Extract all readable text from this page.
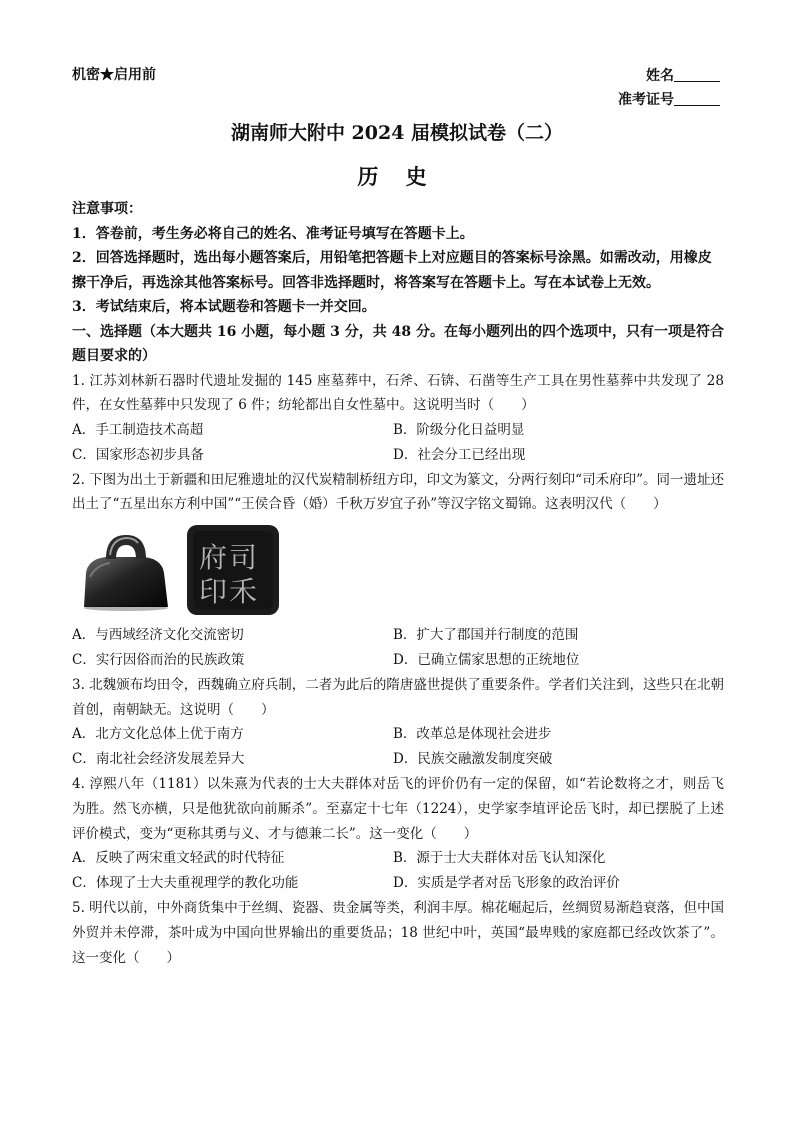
机密★启用前	姓名
准考证号
湖南师大附中 2024 届模拟试卷（二）
历 史
注意事项：
1．答卷前，考生务必将自己的姓名、准考证号填写在答题卡上。
2．回答选择题时，选出每小题答案后，用铅笔把答题卡上对应题目的答案标号涂黑。如需改动，用橡皮擦干净后，再选涂其他答案标号。回答非选择题时，将答案写在答题卡上。写在本试卷上无效。
3．考试结束后，将本试题卷和答题卡一并交回。
一、选择题（本大题共 16 小题，每小题 3 分，共 48 分。在每小题列出的四个选项中，只有一项是符合题目要求的）
1. 江苏刘林新石器时代遗址发掘的 145 座墓葬中，石斧、石锛、石凿等生产工具在男性墓葬中共发现了 28 件，在女性墓葬中只发现了 6 件；纺轮都出自女性墓中。这说明当时（　　）
A．手工制造技术高超	B．阶级分化日益明显
C．国家形态初步具备	D．社会分工已经出现
2. 下图为出土于新疆和田尼雅遗址的汉代炭精制桥纽方印，印文为篆文，分两行刻印“司禾府印”。同一遗址还出土了“五星出东方利中国”“王侯合昏（婚）千秋万岁宜子孙”等汉字铭文蜀锦。这表明汉代（　　）
司
禾
府
印
A．与西域经济文化交流密切	B．扩大了郡国并行制度的范围
C．实行因俗而治的民族政策	D．已确立儒家思想的正统地位
3. 北魏颁布均田令，西魏确立府兵制，二者为此后的隋唐盛世提供了重要条件。学者们关注到，这些只在北朝首创，南朝缺无。这说明（　　）
A．北方文化总体上优于南方	B．改革总是体现社会进步
C．南北社会经济发展差异大	D．民族交融激发制度突破
4. 淳熙八年（1181）以朱熹为代表的士大夫群体对岳飞的评价仍有一定的保留，如“若论数将之才，则岳飞为胜。然飞亦横，只是他犹欲向前厮杀”。至嘉定十七年（1224），史学家李埴评论岳飞时，却已摆脱了上述评价模式，变为“更称其勇与义、才与德兼二长”。这一变化（　　）
A．反映了两宋重文轻武的时代特征	B．源于士大夫群体对岳飞认知深化
C．体现了士大夫重视理学的教化功能	D．实质是学者对岳飞形象的政治评价
5. 明代以前，中外商货集中于丝绸、瓷器、贵金属等类，利润丰厚。棉花崛起后，丝绸贸易渐趋衰落，但中国外贸并未停滞，茶叶成为中国向世界输出的重要货品；18 世纪中叶，英国“最卑贱的家庭都已经改饮茶了”。这一变化（　　）
